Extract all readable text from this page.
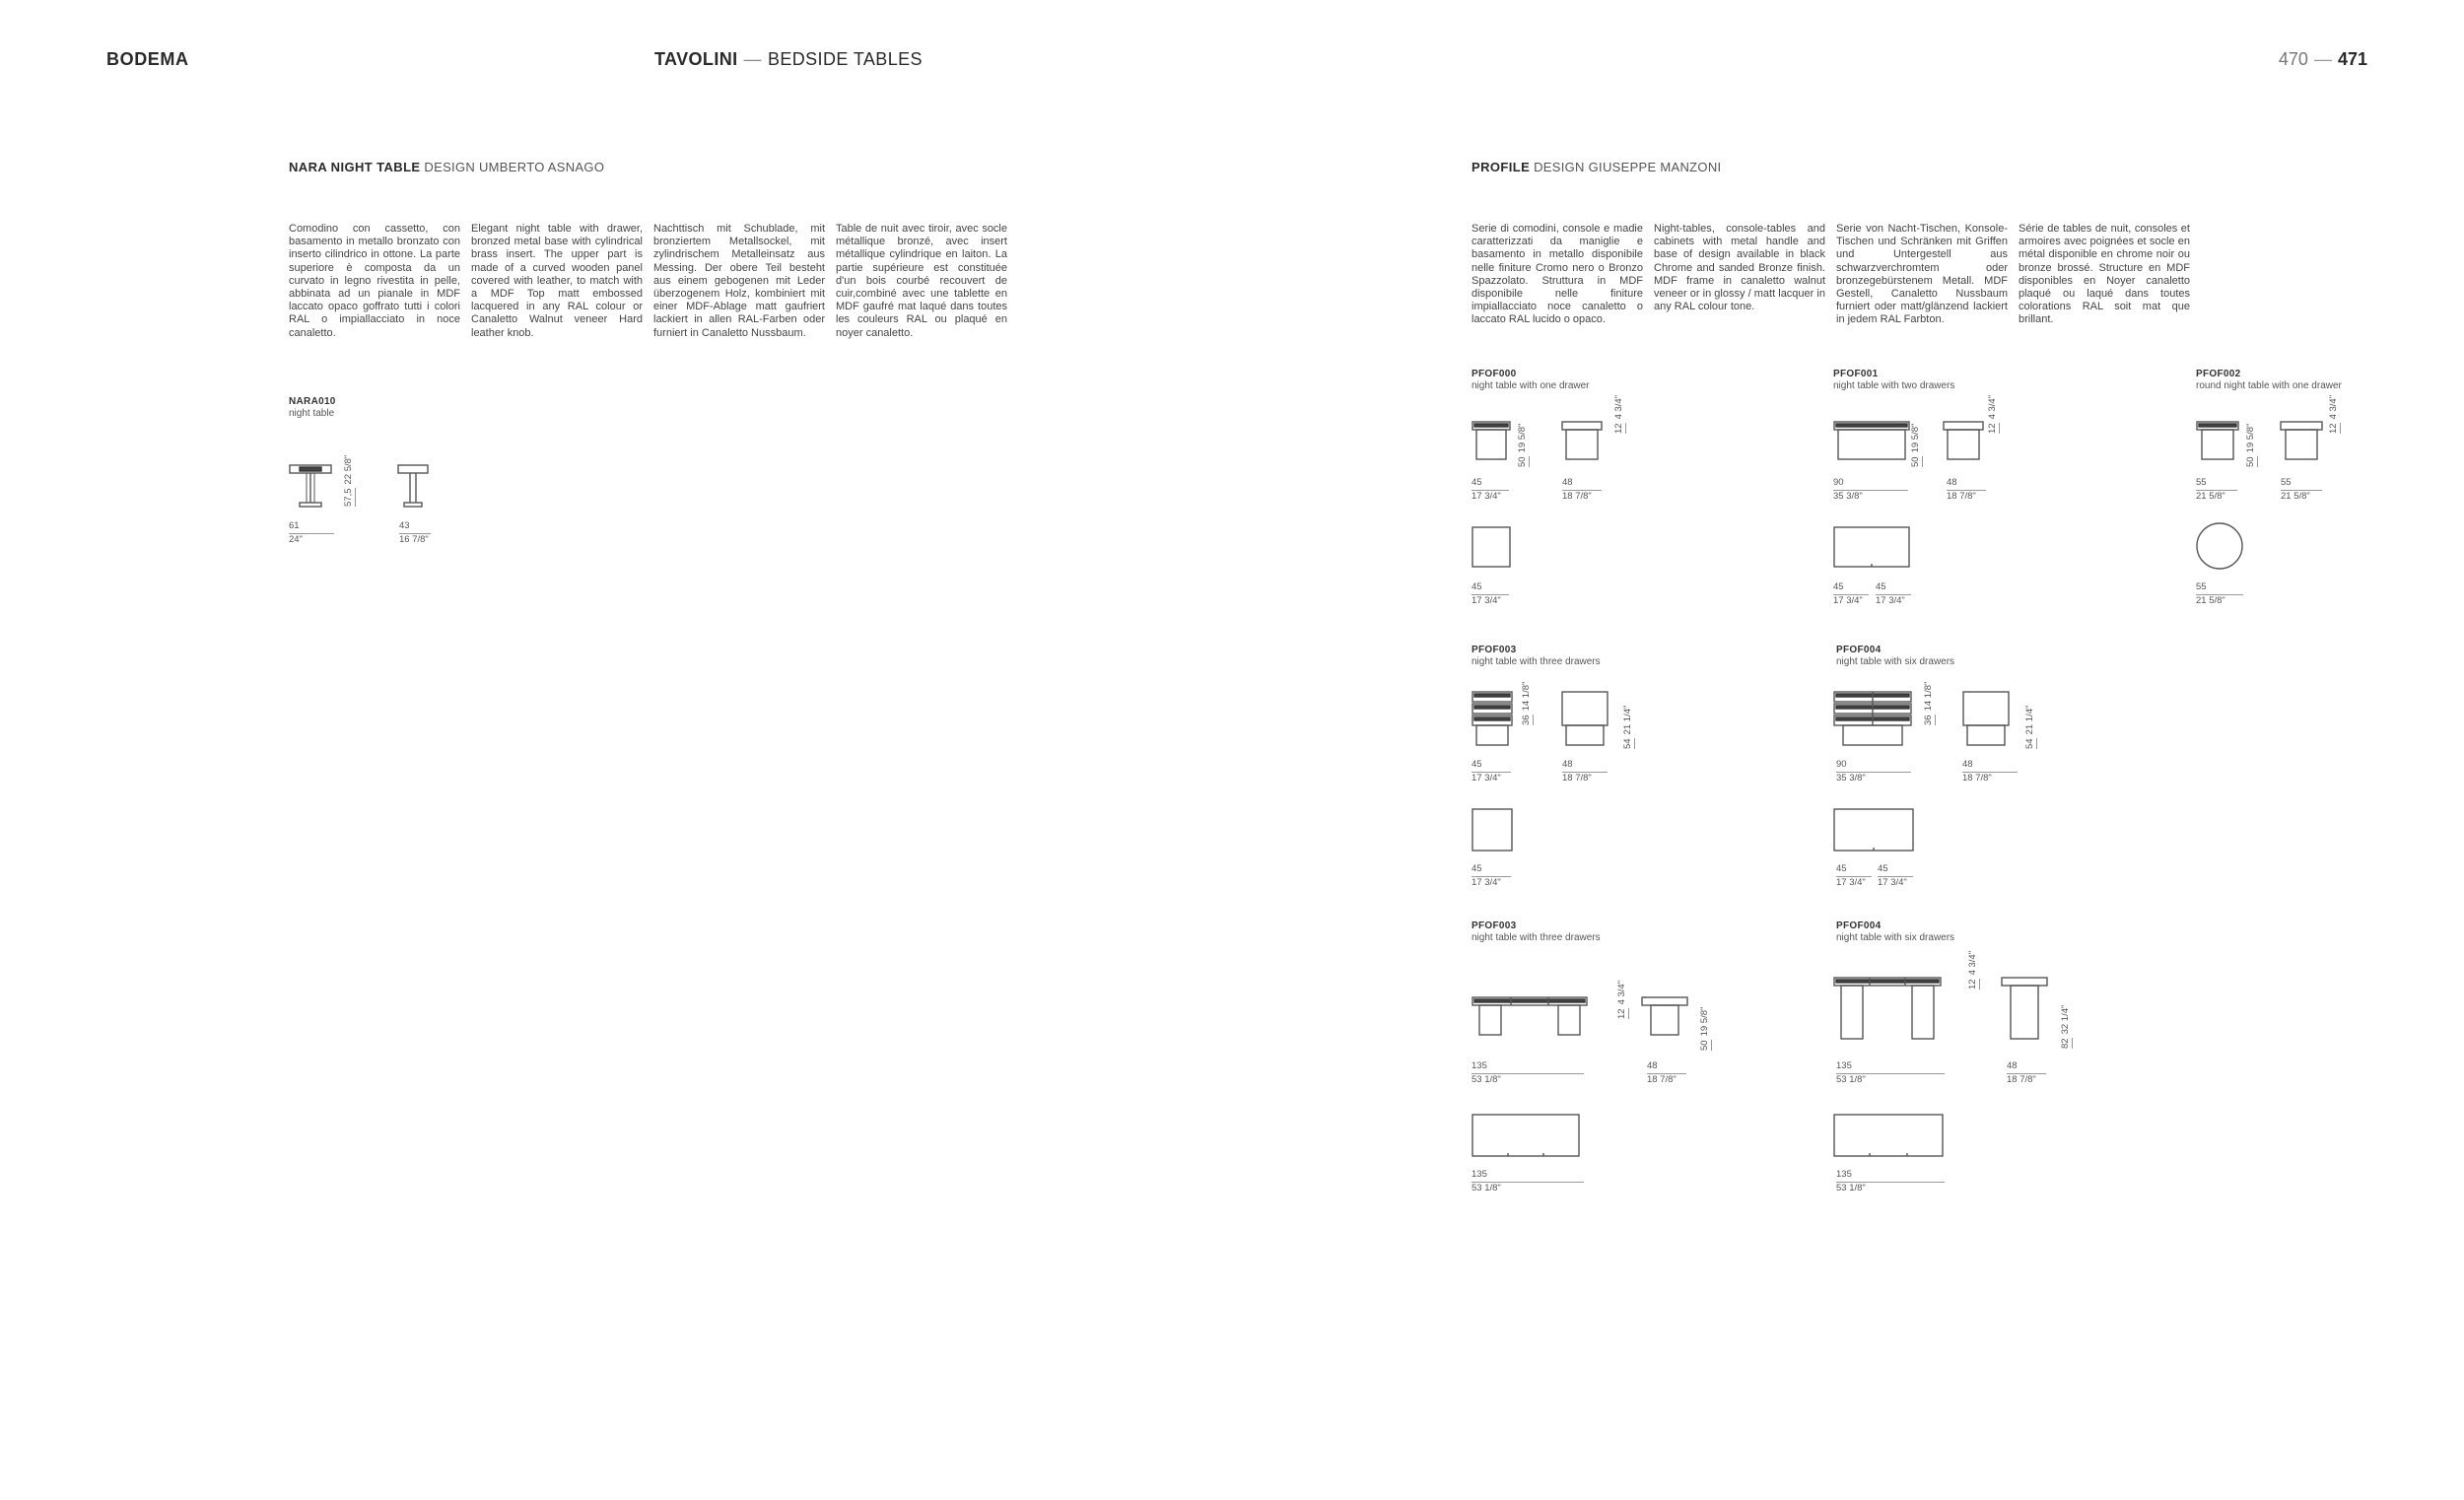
BODEMA	TAVOLINI — BEDSIDE TABLES	470 — 471
NARA NIGHT TABLE DESIGN UMBERTO ASNAGO
Comodino con cassetto, con basamento in metallo bronzato con inserto cilindrico in ottone. La parte superiore è composta da un curvato in legno rivestita in pelle, abbinata ad un pianale in MDF laccato opaco goffrato tutti i colori RAL o impiallacciato in noce canaletto.
Elegant night table with drawer, bronzed metal base with cylindrical brass insert. The upper part is made of a curved wooden panel covered with leather, to match with a MDF Top matt embossed lacquered in any RAL colour or Canaletto Walnut veneer Hard leather knob.
Nachttisch mit Schublade, mit bronziertem Metallsockel, mit zylindrischem Metalleinsatz aus Messing. Der obere Teil besteht aus einem gebogenen mit Leder überzogenem Holz, kombiniert mit einer MDF-Ablage matt gaufriert lackiert in allen RAL-Farben oder furniert in Canaletto Nussbaum.
Table de nuit avec tiroir, avec socle métallique bronzé, avec insert métallique cylindrique en laiton. La partie supérieure est constituée d'un bois courbé recouvert de cuir,combiné avec une tablette en MDF gaufré mat laqué dans toutes les couleurs RAL ou plaqué en noyer canaletto.
NARA010
night table
57,522 5/8"
61
24"
43
16 7/8"
PROFILE DESIGN GIUSEPPE MANZONI
Serie di comodini, console e madie caratterizzati da maniglie e basamento in metallo disponibile nelle finiture Cromo nero o Bronzo Spazzolato. Struttura in MDF disponibile nelle finiture impiallacciato noce canaletto o laccato RAL lucido o opaco.
Night-tables, console-tables and cabinets with metal handle and base of design available in black Chrome and sanded Bronze finish. MDF frame in canaletto walnut veneer or in glossy / matt lacquer in any RAL colour tone.
Serie von Nacht-Tischen, Konsole-Tischen und Schränken mit Griffen und Untergestell aus schwarzverchromtem oder bronzegebürstenem Metall. MDF Gestell, Canaletto Nussbaum furniert oder matt/glänzend lackiert in jedem RAL Farbton.
Série de tables de nuit, consoles et armoires avec poignées et socle en métal disponible en chrome noir ou bronze brossé. Structure en MDF disponibles en Noyer canaletto plaqué ou laqué dans toutes colorations RAL soit mat que brillant.
PFOF000
night table with one drawer
5019 5/8"	124 3/4"
45
17 3/4"
48
18 7/8"
45
17 3/4"
PFOF001
night table with two drawers
5019 5/8"	124 3/4"
90
35 3/8"
48
18 7/8"
45
17 3/4"
45
17 3/4"
PFOF002
round night table with one drawer
5019 5/8"	124 3/4"
55
21 5/8"
55
21 5/8"
55
21 5/8"
PFOF003
night table with three drawers
3614 1/8"
5421 1/4"
45
17 3/4"
48
18 7/8"
45
17 3/4"
PFOF004
night table with six drawers
3614 1/8"
5421 1/4"
90
35 3/8"
48
18 7/8"
45
17 3/4"
45
17 3/4"
PFOF003
night table with three drawers
124 3/4"
5019 5/8"
135
53 1/8"
48
18 7/8"
135
53 1/8"
PFOF004
night table with six drawers
124 3/4"
8232 1/4"
135
53 1/8"
48
18 7/8"
135
53 1/8"
